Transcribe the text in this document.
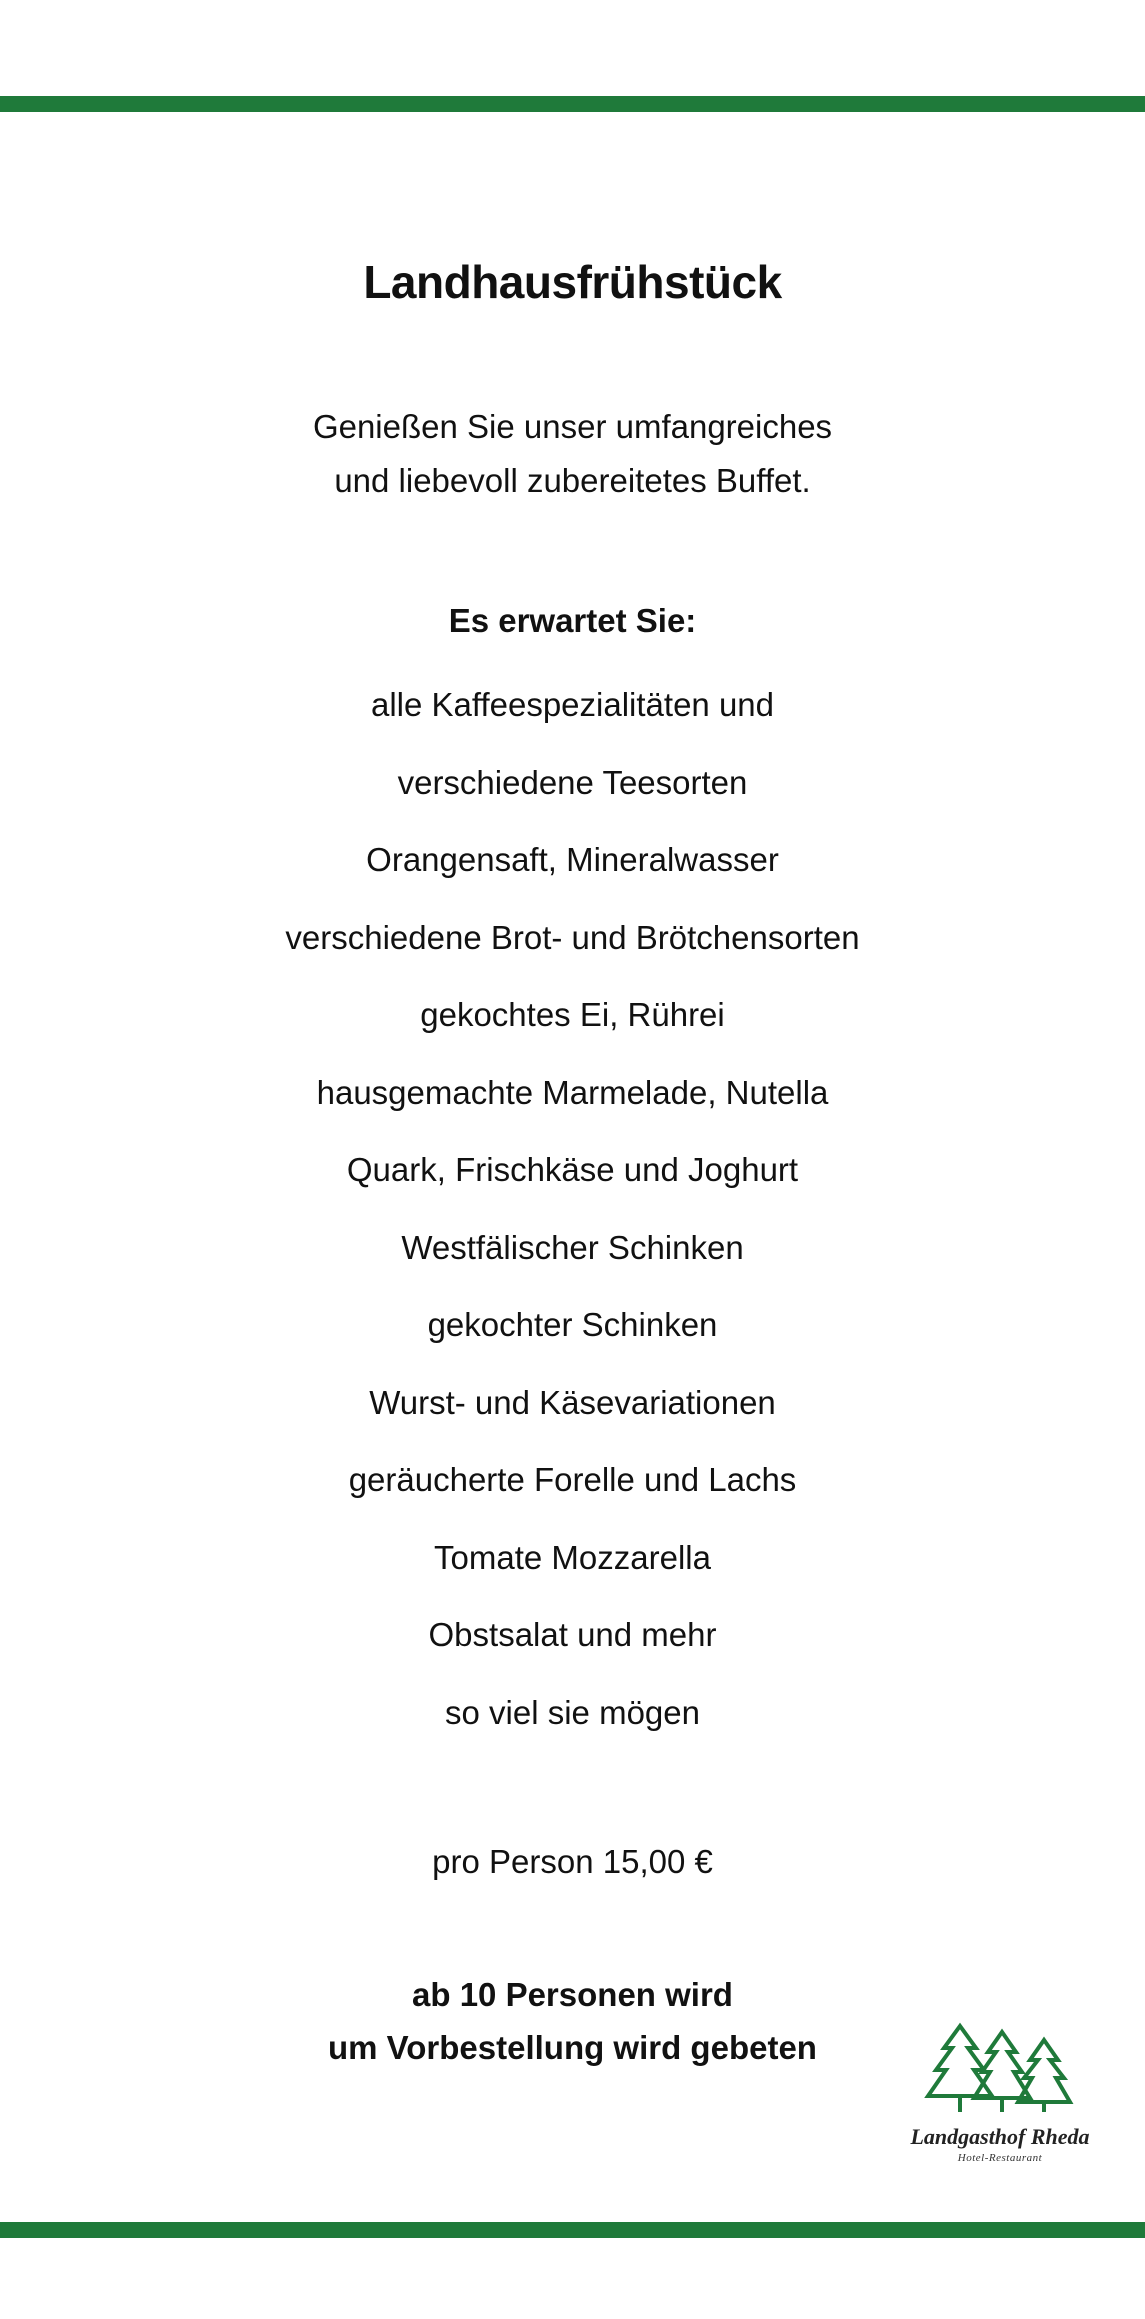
Landhausfrühstück
Genießen Sie unser umfangreiches
und liebevoll zubereitetes Buffet.
Es erwartet Sie:
alle Kaffeespezialitäten und
verschiedene Teesorten
Orangensaft, Mineralwasser
verschiedene Brot- und Brötchensorten
gekochtes Ei, Rührei
hausgemachte Marmelade, Nutella
Quark, Frischkäse und Joghurt
Westfälischer Schinken
gekochter Schinken
Wurst- und Käsevariationen
geräucherte Forelle und Lachs
Tomate Mozzarella
Obstsalat und mehr
so viel sie mögen
pro Person 15,00 €
ab 10 Personen wird
um Vorbestellung wird gebeten
Landgasthof Rheda
Hotel-Restaurant
